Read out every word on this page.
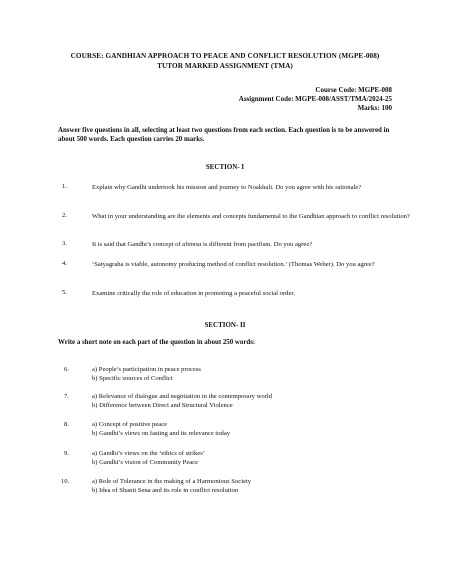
COURSE: GANDHIAN APPROACH TO PEACE AND CONFLICT RESOLUTION (MGPE-008)
TUTOR MARKED ASSIGNMENT (TMA)
Course Code: MGPE-008
Assignment Code: MGPE-008/ASST/TMA/2024-25
Marks: 100
Answer five questions in all, selecting at least two questions from each section. Each question is to be answered in about 500 words. Each question carries 20 marks.
SECTION- I
1.	Explain why Gandhi undertook his mission and journey to Noakhali. Do you agree with his rationale?
2.	What in your understanding are the elements and concepts fundamental to the Gandhian approach to conflict resolution?
3.	It is said that Gandhi’s concept of ahimsa is different from pacifism. Do you agree?
4.	‘Satyagraha is viable, autonomy producing method of conflict resolution.’ (Thomas Weber). Do you agree?
5.	Examine critically the role of education in promoting a peaceful social order.
SECTION- II
Write a short note on each part of the question in about 250 words:
6.	a) People’s participation in peace process
b) Specific sources of Conflict
7.	a) Relevance of dialogue and negotiation in the contemporary world
b) Difference between Direct and Structural Violence
8.	a) Concept of positive peace
b) Gandhi’s views on fasting and its relevance today
9.	a) Gandhi’s views on the ‘ethics of strikes’
b) Gandhi’s vision of Community Peace
10.	a) Role of Tolerance in the making of a Harmonious Society
b) Idea of Shanti Sena and its role in conflict resolution
